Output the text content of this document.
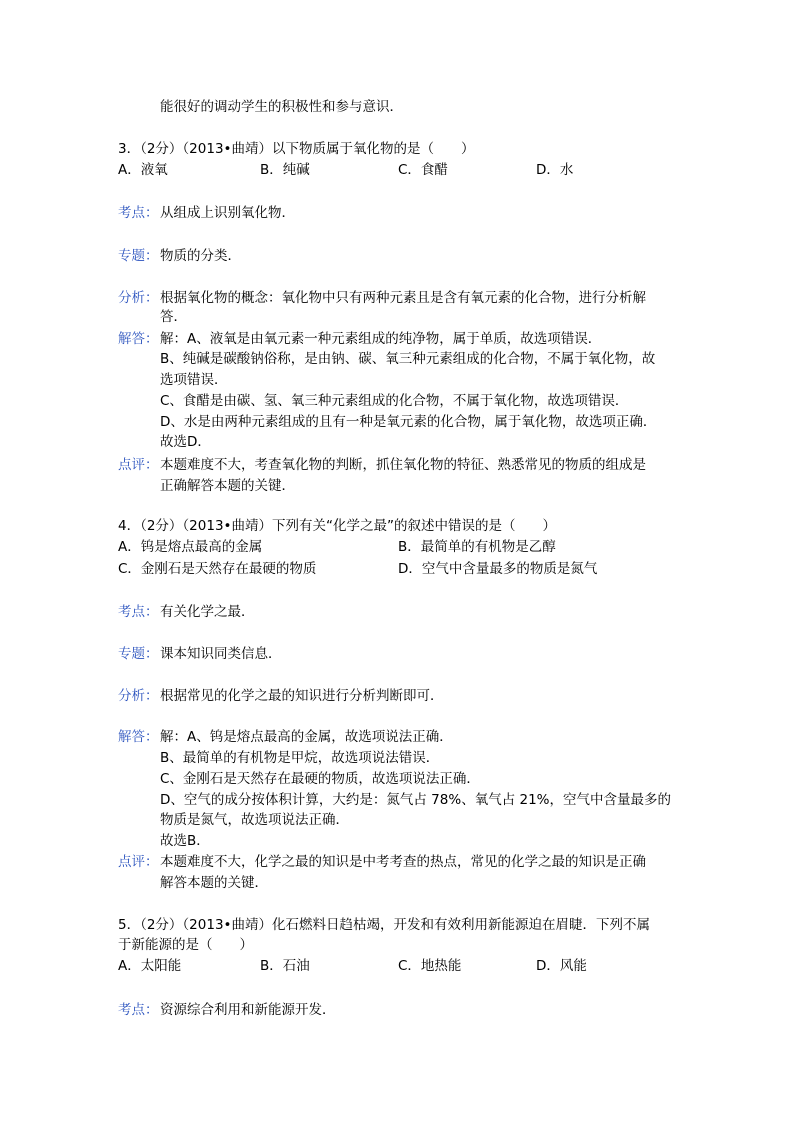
能很好的调动学生的积极性和参与意识．
3．（2分）（2013•曲靖）以下物质属于氧化物的是（　　）
A．液氧	B．纯碱	C．食醋	D．水
考点： 从组成上识别氧化物．
专题： 物质的分类．
分析： 根据氧化物的概念：氧化物中只有两种元素且是含有氧元素的化合物，进行分析解
答．
解答： 解：A、液氧是由氧元素一种元素组成的纯净物，属于单质，故选项错误．
B、纯碱是碳酸钠俗称，是由钠、碳、氧三种元素组成的化合物，不属于氧化物，故
选项错误．
C、食醋是由碳、氢、氧三种元素组成的化合物，不属于氧化物，故选项错误．
D、水是由两种元素组成的且有一种是氧元素的化合物，属于氧化物，故选项正确．
故选D．
点评： 本题难度不大，考查氧化物的判断，抓住氧化物的特征、熟悉常见的物质的组成是
正确解答本题的关键．
4．（2分）（2013•曲靖）下列有关“化学之最”的叙述中错误的是（　　）
A．钨是熔点最高的金属	B．最简单的有机物是乙醇
C．金刚石是天然存在最硬的物质	D．空气中含量最多的物质是氮气
考点： 有关化学之最．
专题： 课本知识同类信息．
分析： 根据常见的化学之最的知识进行分析判断即可．
解答： 解：A、钨是熔点最高的金属，故选项说法正确．
B、最简单的有机物是甲烷，故选项说法错误．
C、金刚石是天然存在最硬的物质，故选项说法正确．
D、空气的成分按体积计算，大约是：氮气占 78%、氧气占 21%，空气中含量最多的
物质是氮气，故选项说法正确．
故选B．
点评： 本题难度不大，化学之最的知识是中考考查的热点，常见的化学之最的知识是正确
解答本题的关键．
5．（2分）（2013•曲靖）化石燃料日趋枯竭，开发和有效利用新能源迫在眉睫．下列不属
于新能源的是（　　）
A．太阳能	B．石油	C．地热能	D．风能
考点： 资源综合利用和新能源开发．
